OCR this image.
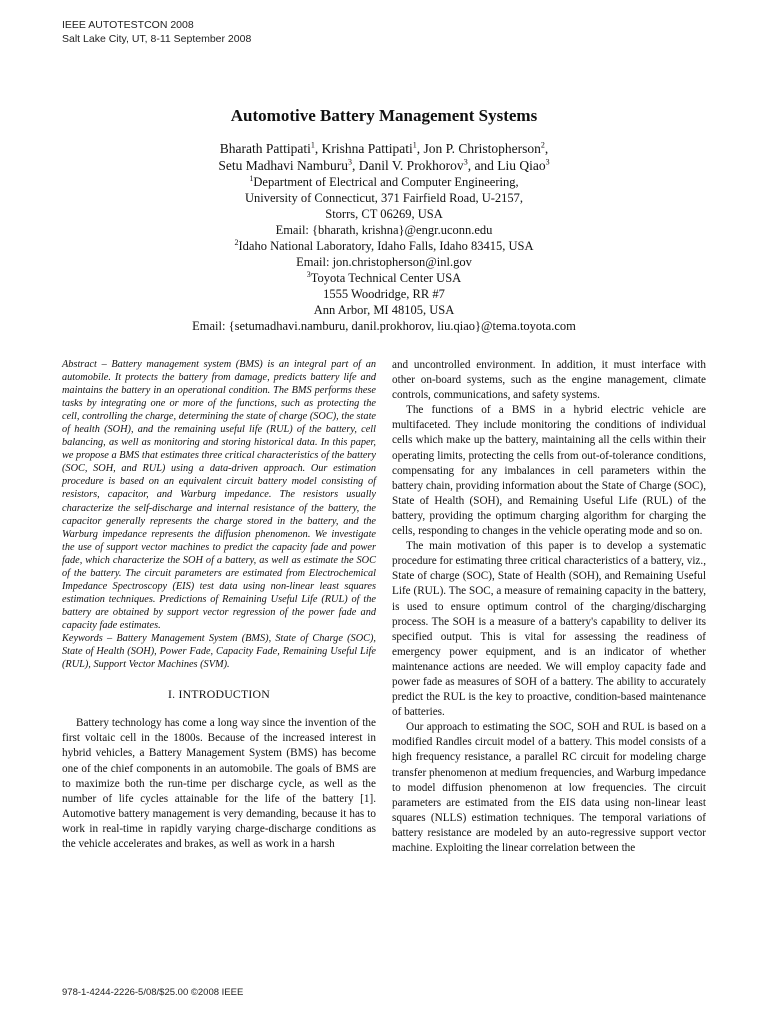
IEEE AUTOTESTCON 2008
Salt Lake City, UT, 8-11 September 2008
Automotive Battery Management Systems
Bharath Pattipati$^1$, Krishna Pattipati$^1$, Jon P. Christopherson$^2$,
Setu Madhavi Namburu$^3$, Danil V. Prokhorov$^3$, and Liu Qiao$^3$
$^1$Department of Electrical and Computer Engineering,
University of Connecticut, 371 Fairfield Road, U-2157,
Storrs, CT 06269, USA
Email: {bharath, krishna}@engr.uconn.edu
$^2$Idaho National Laboratory, Idaho Falls, Idaho 83415, USA
Email: jon.christopherson@inl.gov
$^3$Toyota Technical Center USA
1555 Woodridge, RR #7
Ann Arbor, MI 48105, USA
Email: {setumadhavi.namburu, danil.prokhorov, liu.qiao}@tema.toyota.com

Abstract – Battery management system (BMS) is an integral part of an automobile. It protects the battery from damage, predicts battery life and maintains the battery in an operational condition. The BMS performs these tasks by integrating one or more of the functions, such as protecting the cell, controlling the charge, determining the state of charge (SOC), the state of health (SOH), and the remaining useful life (RUL) of the battery, cell balancing, as well as monitoring and storing historical data. In this paper, we propose a BMS that estimates three critical characteristics of the battery (SOC, SOH, and RUL) using a data-driven approach. Our estimation procedure is based on an equivalent circuit battery model consisting of resistors, capacitor, and Warburg impedance. The resistors usually characterize the self-discharge and internal resistance of the battery, the capacitor generally represents the charge stored in the battery, and the Warburg impedance represents the diffusion phenomenon. We investigate the use of support vector machines to predict the capacity fade and power fade, which characterize the SOH of a battery, as well as estimate the SOC of the battery. The circuit parameters are estimated from Electrochemical Impedance Spectroscopy (EIS) test data using non-linear least squares estimation techniques. Predictions of Remaining Useful Life (RUL) of the battery are obtained by support vector regression of the power fade and capacity fade estimates.

Keywords – Battery Management System (BMS), State of Charge (SOC), State of Health (SOH), Power Fade, Capacity Fade, Remaining Useful Life (RUL), Support Vector Machines (SVM).

I. INTRODUCTION

Battery technology has come a long way since the invention of the first voltaic cell in the 1800s. Because of the increased interest in hybrid vehicles, a Battery Management System (BMS) has become one of the chief components in an automobile. The goals of BMS are to maximize both the run-time per discharge cycle, as well as the number of life cycles attainable for the life of the battery [1]. Automotive battery management is very demanding, because it has to work in real-time in rapidly varying charge-discharge conditions as the vehicle accelerates and brakes, as well as work in a harsh

and uncontrolled environment. In addition, it must interface with other on-board systems, such as the engine management, climate controls, communications, and safety systems.

The functions of a BMS in a hybrid electric vehicle are multifaceted. They include monitoring the conditions of individual cells which make up the battery, maintaining all the cells within their operating limits, protecting the cells from out-of-tolerance conditions, compensating for any imbalances in cell parameters within the battery chain, providing information about the State of Charge (SOC), State of Health (SOH), and Remaining Useful Life (RUL) of the battery, providing the optimum charging algorithm for charging the cells, responding to changes in the vehicle operating mode and so on.

The main motivation of this paper is to develop a systematic procedure for estimating three critical characteristics of a battery, viz., State of charge (SOC), State of Health (SOH), and Remaining Useful Life (RUL). The SOC, a measure of remaining capacity in the battery, is used to ensure optimum control of the charging/discharging process. The SOH is a measure of a battery's capability to deliver its specified output. This is vital for assessing the readiness of emergency power equipment, and is an indicator of whether maintenance actions are needed. We will employ capacity fade and power fade as measures of SOH of a battery. The ability to accurately predict the RUL is the key to proactive, condition-based maintenance of batteries.

Our approach to estimating the SOC, SOH and RUL is based on a modified Randles circuit model of a battery. This model consists of a high frequency resistance, a parallel RC circuit for modeling charge transfer phenomenon at medium frequencies, and Warburg impedance to model diffusion phenomenon at low frequencies. The circuit parameters are estimated from the EIS data using non-linear least squares (NLLS) estimation techniques. The temporal variations of battery resistance are modeled by an auto-regressive support vector machine. Exploiting the linear correlation between the

978-1-4244-2226-5/08/$25.00 ©2008 IEEE
